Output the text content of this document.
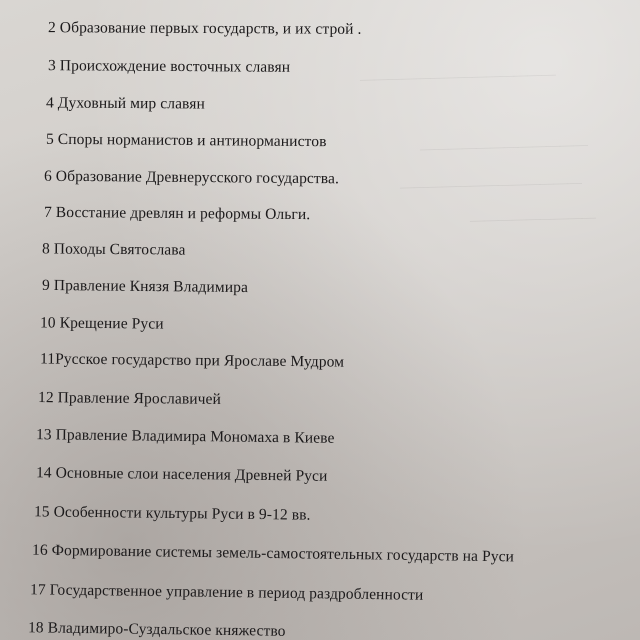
——————————————
————————————
—————————————
—————————
2 Образование первых государств, и их строй .
3 Происхождение восточных славян
4 Духовный мир славян
5 Споры норманистов и антинорманистов
6 Образование Древнерусского государства.
7 Восстание древлян и реформы Ольги.
8 Походы Святослава
9 Правление Князя Владимира
10 Крещение Руси
11Русское государство при Ярославе Мудром
12 Правление Ярославичей
13 Правление Владимира Мономаха в Киеве
14 Основные слои населения Древней Руси
15 Особенности культуры Руси в 9-12 вв.
16 Формирование системы земель-самостоятельных государств на Руси
17 Государственное управление в период раздробленности
18 Владимиро-Суздальское княжество
